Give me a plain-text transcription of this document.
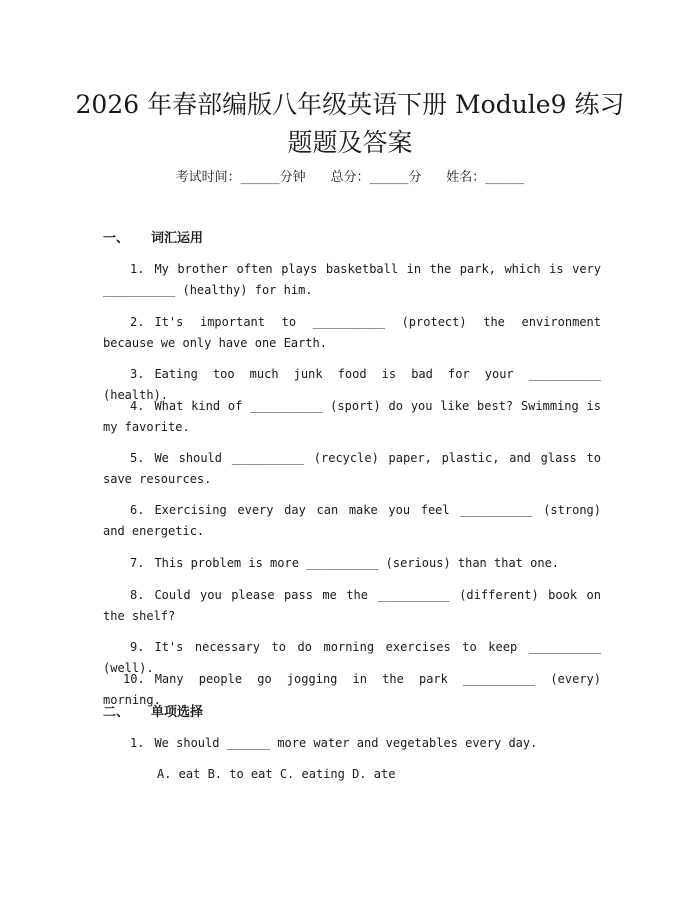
2026 年春部编版八年级英语下册 Module9 练习题题及答案
考试时间：______分钟 总分：______分 姓名：______
一、 词汇运用
1. My brother often plays basketball in the park, which is very __________ (healthy) for him.
2. It's important to __________ (protect) the environment because we only have one Earth.
3. Eating too much junk food is bad for your __________ (health).
4. What kind of __________ (sport) do you like best? Swimming is my favorite.
5. We should __________ (recycle) paper, plastic, and glass to save resources.
6. Exercising every day can make you feel __________ (strong) and energetic.
7. This problem is more __________ (serious) than that one.
8. Could you please pass me the __________ (different) book on the shelf?
9. It's necessary to do morning exercises to keep __________ (well).
10. Many people go jogging in the park __________ (every) morning.
二、 单项选择
1. We should ______ more water and vegetables every day.
A. eat B. to eat C. eating D. ate
